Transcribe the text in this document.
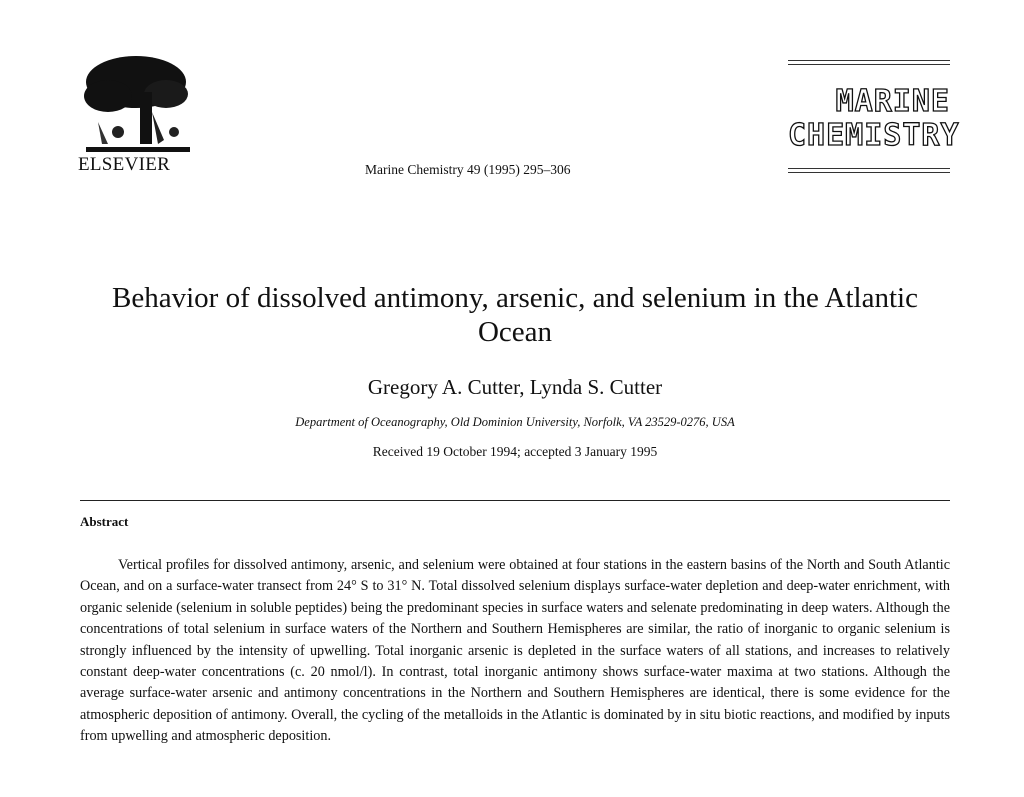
ELSEVIER	Marine Chemistry 49 (1995) 295–306
MARINE
CHEMISTRY
Behavior of dissolved antimony, arsenic, and selenium in the Atlantic Ocean
Gregory A. Cutter, Lynda S. Cutter
Department of Oceanography, Old Dominion University, Norfolk, VA 23529-0276, USA
Received 19 October 1994; accepted 3 January 1995
Abstract
Vertical profiles for dissolved antimony, arsenic, and selenium were obtained at four stations in the eastern basins of the North and South Atlantic Ocean, and on a surface-water transect from 24° S to 31° N. Total dissolved selenium displays surface-water depletion and deep-water enrichment, with organic selenide (selenium in soluble peptides) being the predominant species in surface waters and selenate predominating in deep waters. Although the concentrations of total selenium in surface waters of the Northern and Southern Hemispheres are similar, the ratio of inorganic to organic selenium is strongly influenced by the intensity of upwelling. Total inorganic arsenic is depleted in the surface waters of all stations, and increases to relatively constant deep-water concentrations (c. 20 nmol/l). In contrast, total inorganic antimony shows surface-water maxima at two stations. Although the average surface-water arsenic and antimony concentrations in the Northern and Southern Hemispheres are identical, there is some evidence for the atmospheric deposition of antimony. Overall, the cycling of the metalloids in the Atlantic is dominated by in situ biotic reactions, and modified by inputs from upwelling and atmospheric deposition.
